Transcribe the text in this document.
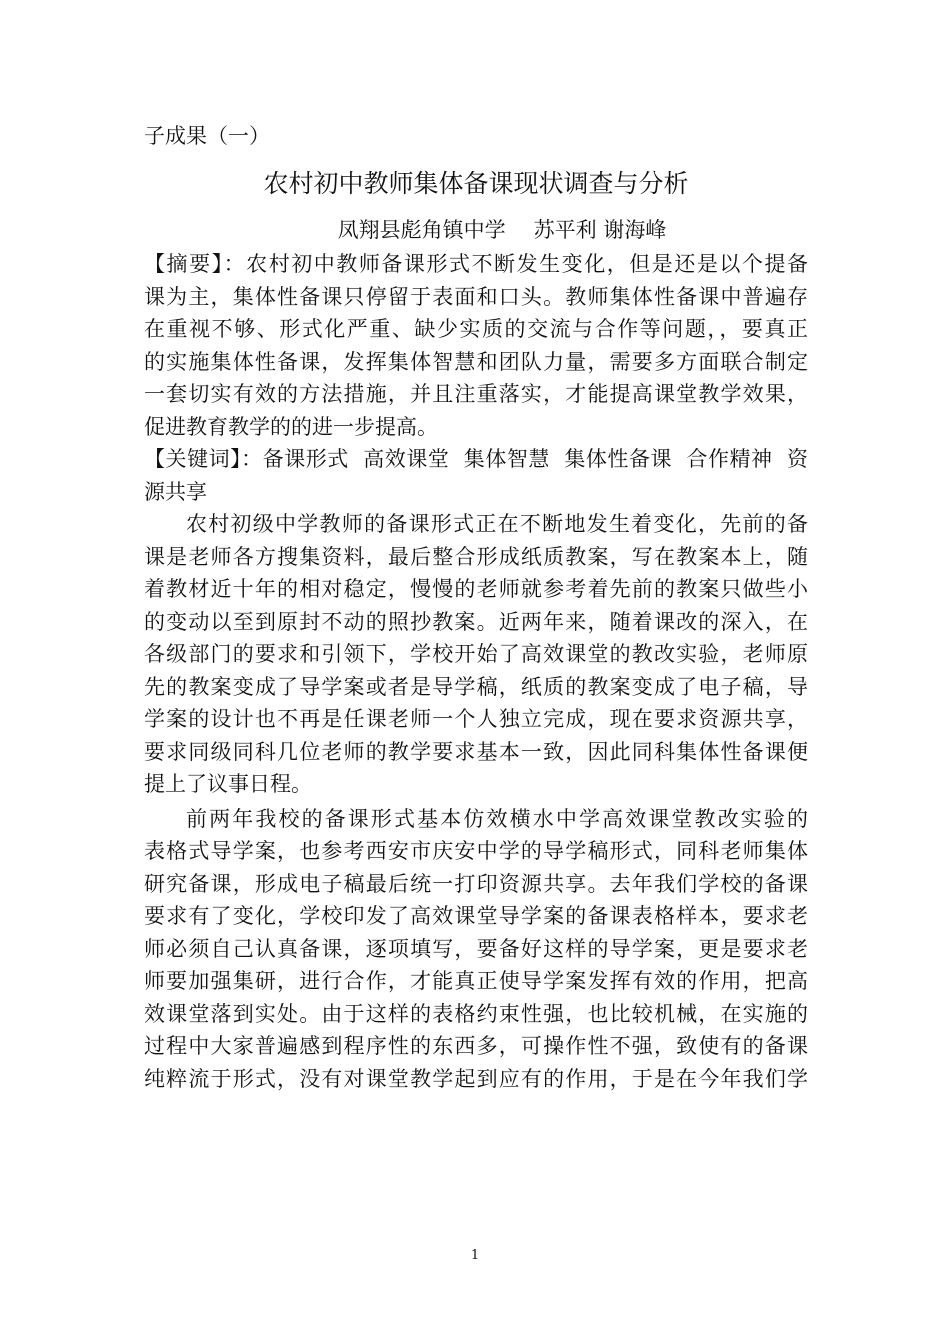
子成果（一）
农村初中教师集体备课现状调查与分析
凤翔县彪角镇中学 苏平利 谢海峰
【摘要】：农村初中教师备课形式不断发生变化，但是还是以个提备
课为主，集体性备课只停留于表面和口头。教师集体性备课中普遍存
在重视不够、形式化严重、缺少实质的交流与合作等问题，，要真正
的实施集体性备课，发挥集体智慧和团队力量，需要多方面联合制定
一套切实有效的方法措施，并且注重落实，才能提高课堂教学效果，
促进教育教学的的进一步提高。
【关键词】：备课形式  高效课堂  集体智慧  集体性备课  合作精神  资
源共享
农村初级中学教师的备课形式正在不断地发生着变化，先前的备
课是老师各方搜集资料，最后整合形成纸质教案，写在教案本上，随
着教材近十年的相对稳定，慢慢的老师就参考着先前的教案只做些小
的变动以至到原封不动的照抄教案。近两年来，随着课改的深入，在
各级部门的要求和引领下，学校开始了高效课堂的教改实验，老师原
先的教案变成了导学案或者是导学稿，纸质的教案变成了电子稿，导
学案的设计也不再是任课老师一个人独立完成，现在要求资源共享，
要求同级同科几位老师的教学要求基本一致，因此同科集体性备课便
提上了议事日程。
前两年我校的备课形式基本仿效横水中学高效课堂教改实验的
表格式导学案，也参考西安市庆安中学的导学稿形式，同科老师集体
研究备课，形成电子稿最后统一打印资源共享。去年我们学校的备课
要求有了变化，学校印发了高效课堂导学案的备课表格样本，要求老
师必须自己认真备课，逐项填写，要备好这样的导学案，更是要求老
师要加强集研，进行合作，才能真正使导学案发挥有效的作用，把高
效课堂落到实处。由于这样的表格约束性强，也比较机械，在实施的
过程中大家普遍感到程序性的东西多，可操作性不强，致使有的备课
纯粹流于形式，没有对课堂教学起到应有的作用，于是在今年我们学
1
